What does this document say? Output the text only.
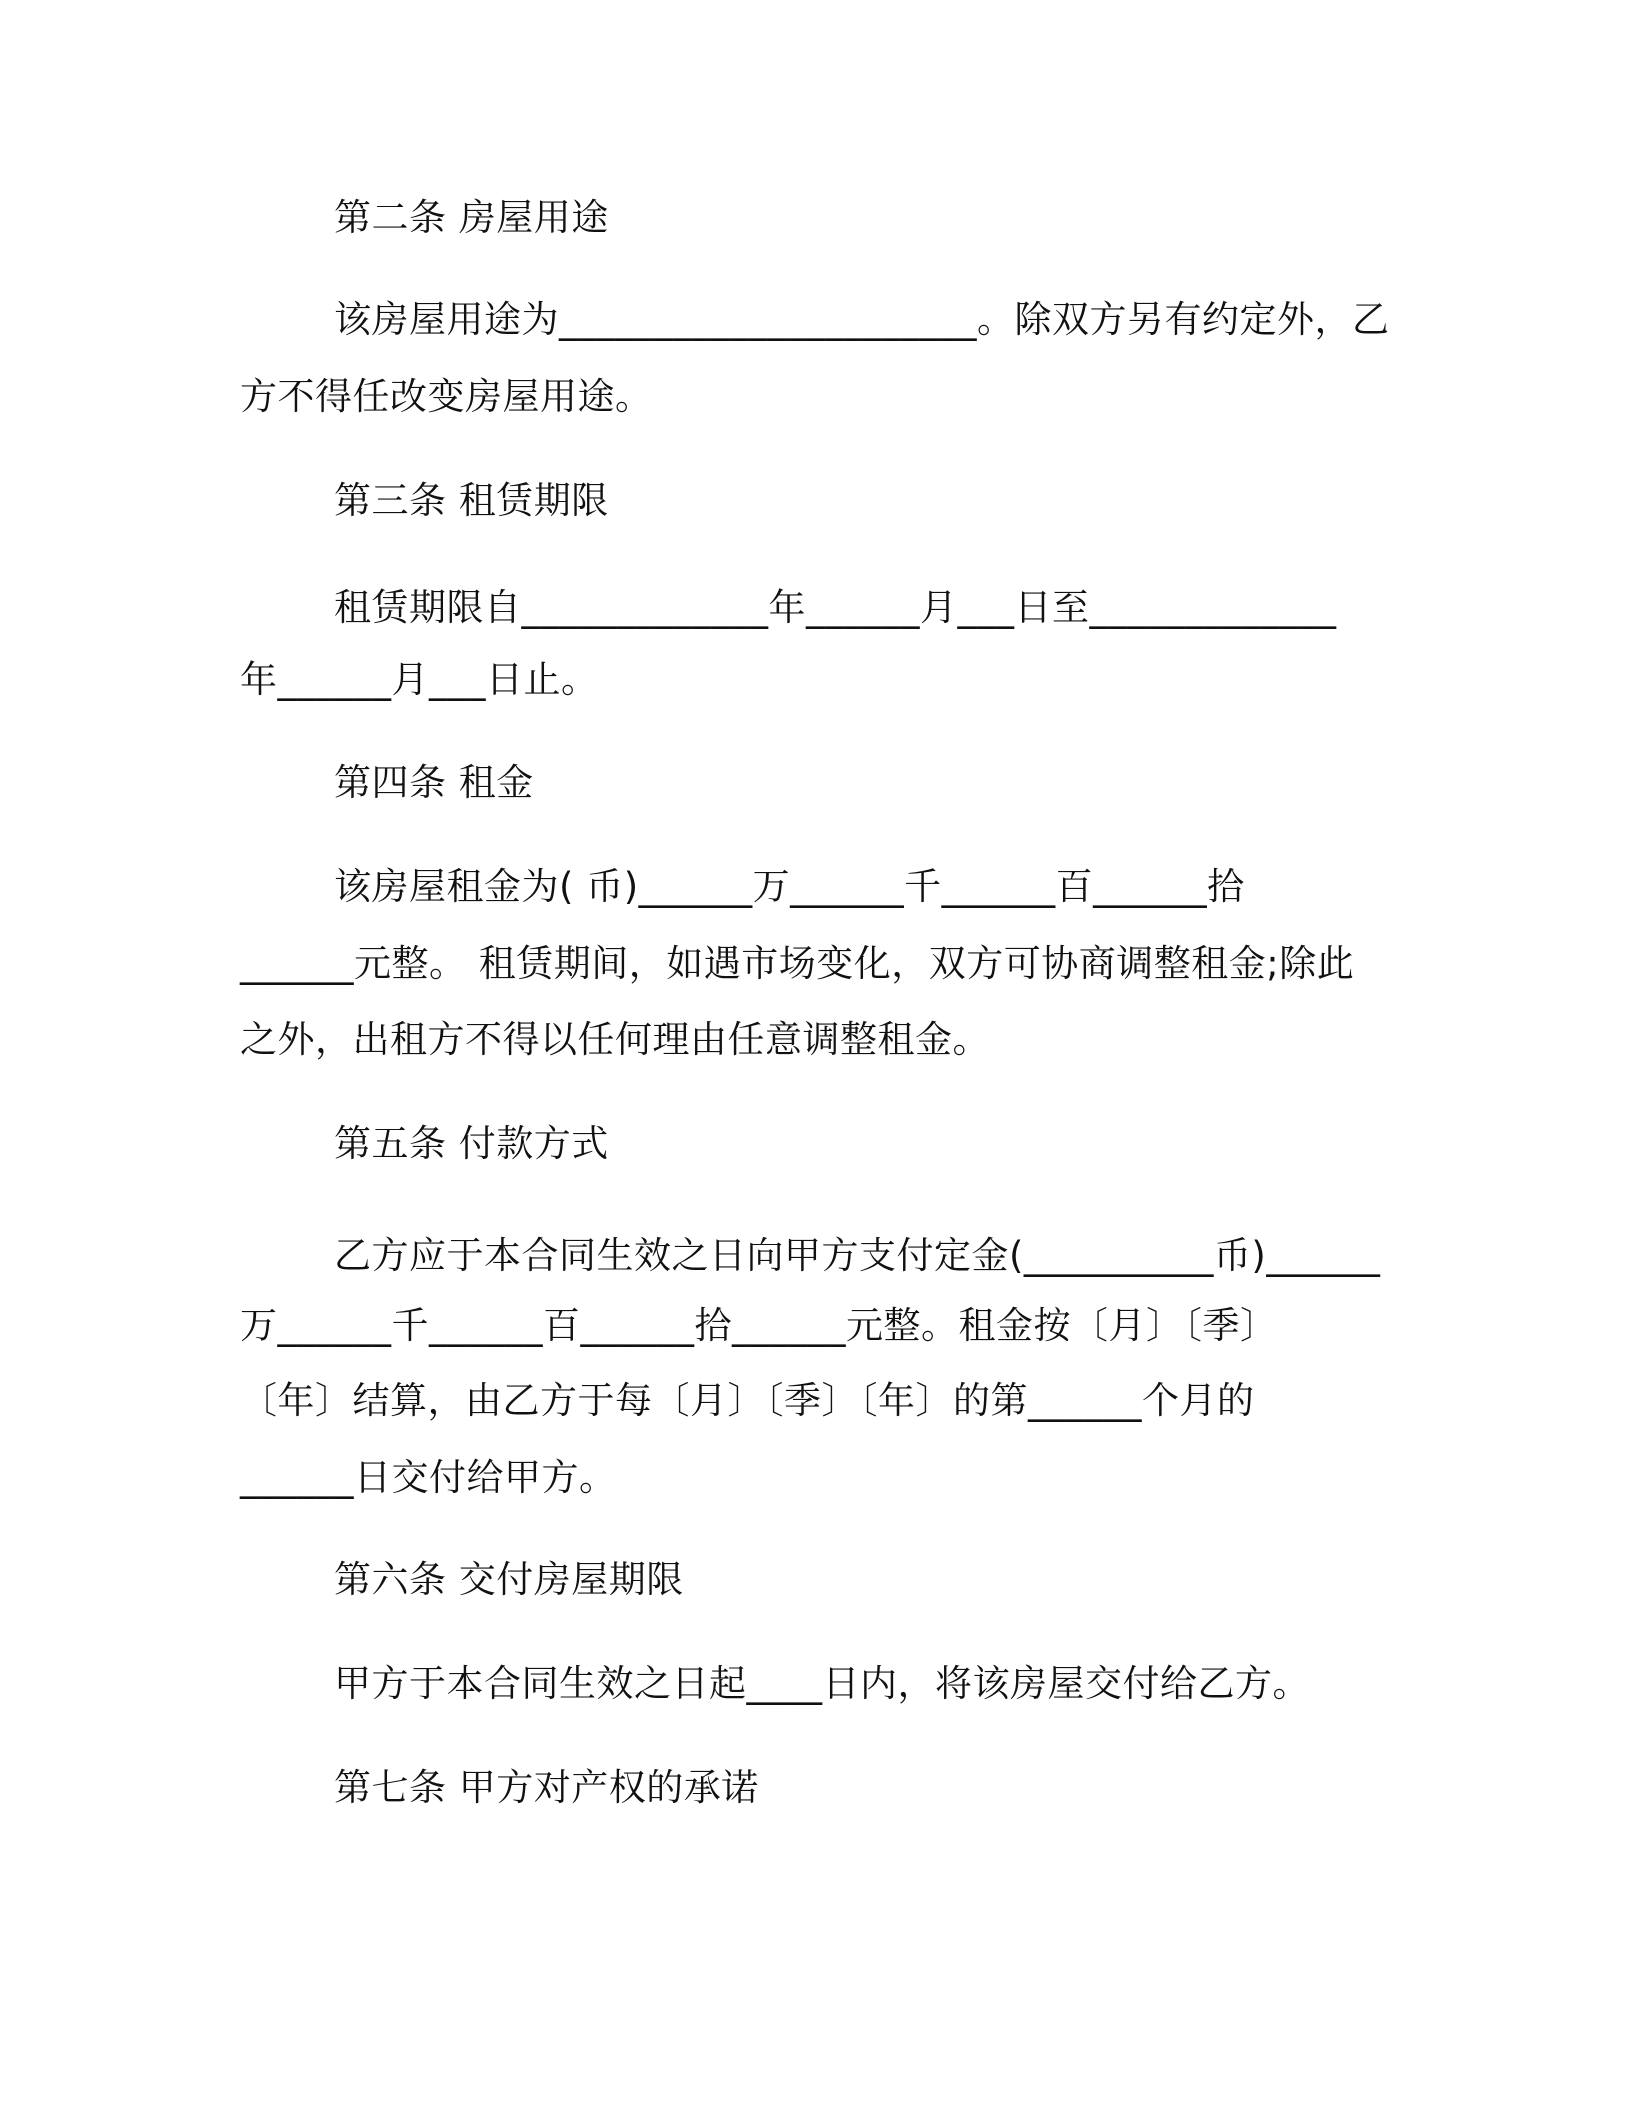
第二条 房屋用途
该房屋用途为______________________。除双方另有约定外，乙
方不得任改变房屋用途。
第三条 租赁期限
租赁期限自_____________年______月___日至_____________
年______月___日止。
第四条 租金
该房屋租金为( 币)______万______千______百______拾
______元整。 租赁期间，如遇市场变化，双方可协商调整租金;除此
之外，出租方不得以任何理由任意调整租金。
第五条 付款方式
乙方应于本合同生效之日向甲方支付定金(__________币)______
万______千______百______拾______元整。租金按〔月〕〔季〕
〔年〕结算，由乙方于每〔月〕〔季〕〔年〕的第______个月的
______日交付给甲方。
第六条 交付房屋期限
甲方于本合同生效之日起____日内，将该房屋交付给乙方。
第七条 甲方对产权的承诺
